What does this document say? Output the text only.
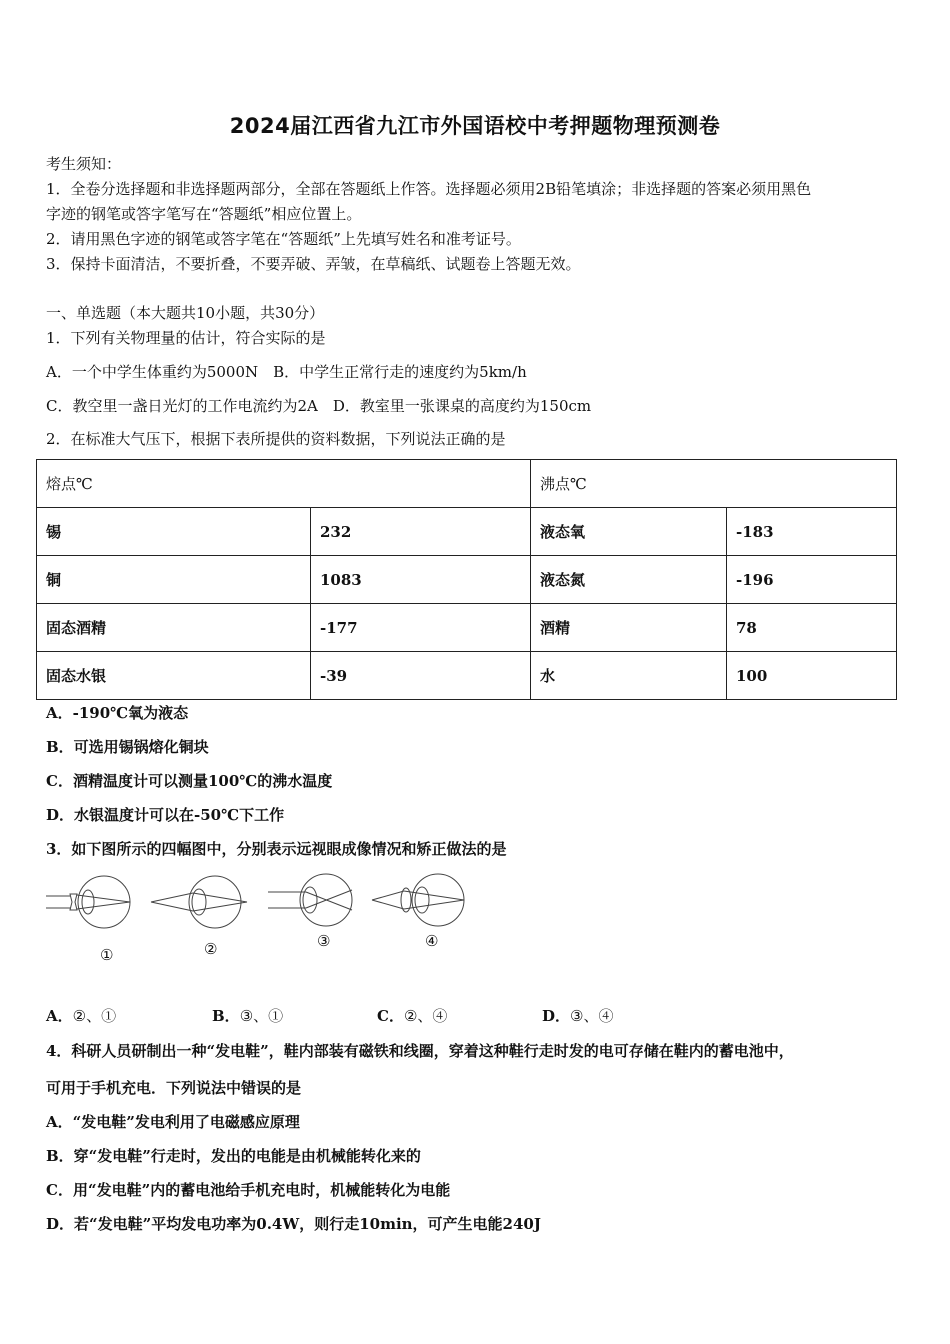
2024届江西省九江市外国语校中考押题物理预测卷
考生须知：
1．全卷分选择题和非选择题两部分，全部在答题纸上作答。选择题必须用2B铅笔填涂；非选择题的答案必须用黑色
字迹的钢笔或答字笔写在“答题纸”相应位置上。
2．请用黑色字迹的钢笔或答字笔在“答题纸”上先填写姓名和准考证号。
3．保持卡面清洁，不要折叠，不要弄破、弄皱，在草稿纸、试题卷上答题无效。
一、单选题（本大题共10小题，共30分）
1．下列有关物理量的估计，符合实际的是
A．一个中学生体重约为5000N　B．中学生正常行走的速度约为5km/h
C．教空里一盏日光灯的工作电流约为2A　D．教室里一张课桌的高度约为150cm
2．在标准大气压下，根据下表所提供的资料数据，下列说法正确的是
熔点℃		沸点℃	
锡	232	液态氧	-183
铜	1083	液态氮	-196
固态酒精	-177	酒精	78
固态水银	-39	水	100
A．-190℃氧为液态
B．可选用锡锅熔化铜块
C．酒精温度计可以测量100℃的沸水温度
D．水银温度计可以在-50℃下工作
3．如下图所示的四幅图中，分别表示远视眼成像情况和矫正做法的是
①	②	③	④
A．②、①	B．③、①	C．②、④	D．③、④
4．科研人员研制出一种“发电鞋”，鞋内部装有磁铁和线圈，穿着这种鞋行走时发的电可存储在鞋内的蓄电池中，
可用于手机充电．下列说法中错误的是
A．“发电鞋”发电利用了电磁感应原理
B．穿“发电鞋”行走时，发出的电能是由机械能转化来的
C．用“发电鞋”内的蓄电池给手机充电时，机械能转化为电能
D．若“发电鞋”平均发电功率为0.4W，则行走10min，可产生电能240J
